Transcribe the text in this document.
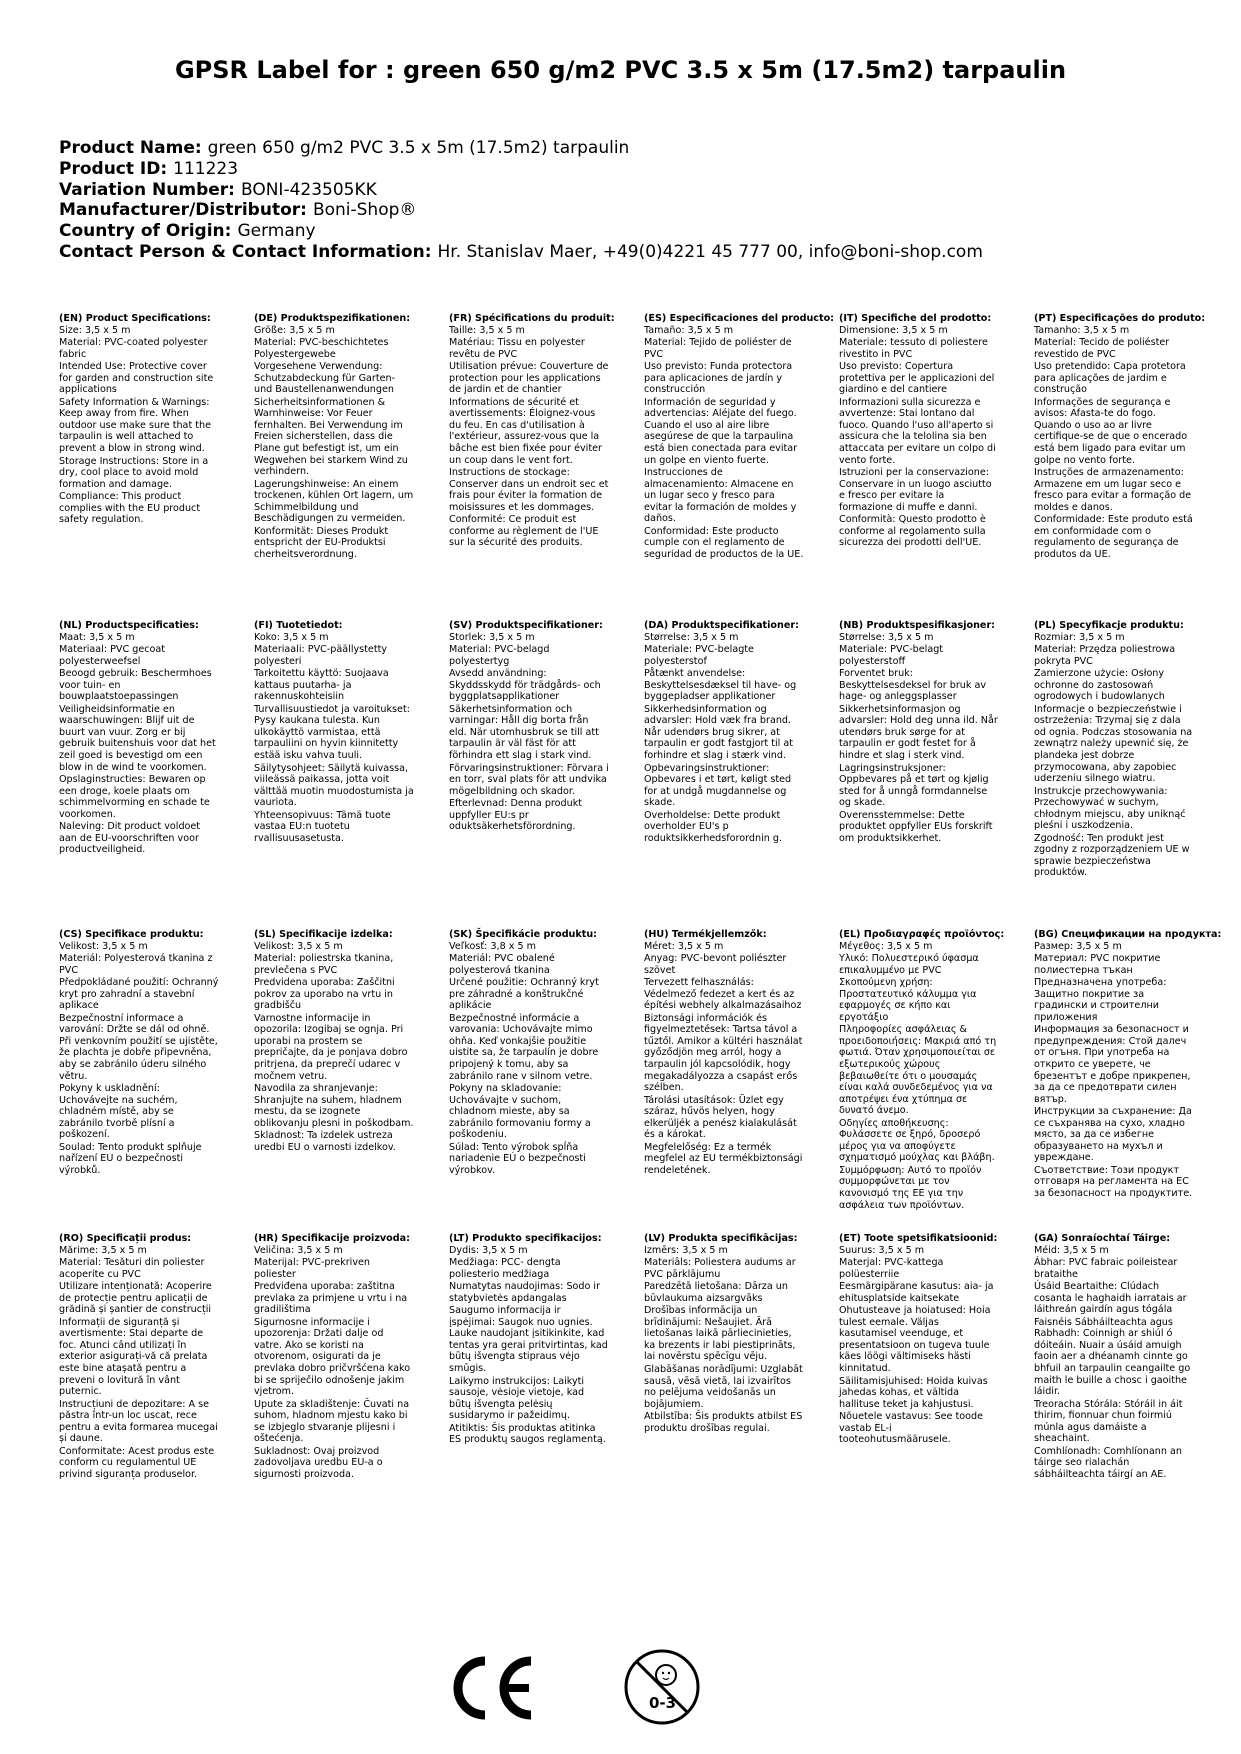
GPSR Label for : green 650 g/m2 PVC 3.5 x 5m (17.5m2) tarpaulin
Product Name: green 650 g/m2 PVC 3.5 x 5m (17.5m2) tarpaulin
Product ID: 111223
Variation Number: BONI-423505KK
Manufacturer/Distributor: Boni-Shop®
Country of Origin: Germany
Contact Person & Contact Information: Hr. Stanislav Maer, +49(0)4221 45 777 00, info@boni-shop.com
(EN) Product Specifications:
Size: 3,5 x 5 m
Material: PVC-coated polyester fabric
Intended Use: Protective cover for garden and construction site applications
Safety Information & Warnings: Keep away from fire. When outdoor use make sure that the tarpaulin is well attached to prevent a blow in strong wind.
Storage Instructions: Store in a dry, cool place to avoid mold formation and damage.
Compliance: This product complies with the EU product safety regulation.
(DE) Produktspezifikationen:
Größe: 3,5 x 5 m
Material: PVC-beschichtetes Polyestergewebe
Vorgesehene Verwendung: Schutzabdeckung für Garten- und Baustellenanwendungen
Sicherheitsinformationen & Warnhinweise: Vor Feuer fernhalten. Bei Verwendung im Freien sicherstellen, dass die Plane gut befestigt ist, um ein Wegwehen bei starkem Wind zu verhindern.
Lagerungshinweise: An einem trockenen, kühlen Ort lagern, um Schimmelbildung und Beschädigungen zu vermeiden.
Konformität: Dieses Produkt entspricht der EU-Produktsi cherheitsverordnung.
(FR) Spécifications du produit:
Taille: 3,5 x 5 m
Matériau: Tissu en polyester revêtu de PVC
Utilisation prévue: Couverture de protection pour les applications de jardin et de chantier
Informations de sécurité et avertissements: Éloignez-vous du feu. En cas d'utilisation à l'extérieur, assurez-vous que la bâche est bien fixée pour éviter un coup dans le vent fort.
Instructions de stockage: Conserver dans un endroit sec et frais pour éviter la formation de moisissures et les dommages.
Conformité: Ce produit est conforme au règlement de l'UE sur la sécurité des produits.
(ES) Especificaciones del producto:
Tamaño: 3,5 x 5 m
Material: Tejido de poliéster de PVC
Uso previsto: Funda protectora para aplicaciones de jardín y construcción
Información de seguridad y advertencias: Aléjate del fuego. Cuando el uso al aire libre asegúrese de que la tarpaulina está bien conectada para evitar un golpe en viento fuerte.
Instrucciones de almacenamiento: Almacene en un lugar seco y fresco para evitar la formación de moldes y daños.
Conformidad: Este producto cumple con el reglamento de seguridad de productos de la UE.
(IT) Specifiche del prodotto:
Dimensione: 3,5 x 5 m
Materiale: tessuto di poliestere rivestito in PVC
Uso previsto: Copertura protettiva per le applicazioni del giardino e del cantiere
Informazioni sulla sicurezza e avvertenze: Stai lontano dal fuoco. Quando l'uso all'aperto si assicura che la telolina sia ben attaccata per evitare un colpo di vento forte.
Istruzioni per la conservazione: Conservare in un luogo asciutto e fresco per evitare la formazione di muffe e danni.
Conformità: Questo prodotto è conforme al regolamento sulla sicurezza dei prodotti dell'UE.
(PT) Especificações do produto:
Tamanho: 3,5 x 5 m
Material: Tecido de poliéster revestido de PVC
Uso pretendido: Capa protetora para aplicações de jardim e construção
Informações de segurança e avisos: Afasta-te do fogo. Quando o uso ao ar livre certifique-se de que o encerado está bem ligado para evitar um golpe no vento forte.
Instruções de armazenamento: Armazene em um lugar seco e fresco para evitar a formação de moldes e danos.
Conformidade: Este produto está em conformidade com o regulamento de segurança de produtos da UE.
(NL) Productspecificaties:
Maat: 3,5 x 5 m
Materiaal: PVC gecoat polyesterweefsel
Beoogd gebruik: Beschermhoes voor tuin- en bouwplaatstoepassingen
Veiligheidsinformatie en waarschuwingen: Blijf uit de buurt van vuur. Zorg er bij gebruik buitenshuis voor dat het zeil goed is bevestigd om een blow in de wind te voorkomen.
Opslaginstructies: Bewaren op een droge, koele plaats om schimmelvorming en schade te voorkomen.
Naleving: Dit product voldoet aan de EU-voorschriften voor productveiligheid.
(FI) Tuotetiedot:
Koko: 3,5 x 5 m
Materiaali: PVC-päällystetty polyesteri
Tarkoitettu käyttö: Suojaava kattaus puutarha- ja rakennuskohteisiin
Turvallisuustiedot ja varoitukset: Pysy kaukana tulesta. Kun ulkokäyttö varmistaa, että tarpauliini on hyvin kiinnitetty estää isku vahva tuuli.
Säilytysohjeet: Säilytä kuivassa, viileässä paikassa, jotta voit välttää muotin muodostumista ja vauriota.
Yhteensopivuus: Tämä tuote vastaa EU:n tuotetu rvallisuusasetusta.
(SV) Produktspecifikationer:
Storlek: 3,5 x 5 m
Material: PVC-belagd polyestertyg
Avsedd användning: Skyddsskydd för trädgårds- och byggplatsapplikationer
Säkerhetsinformation och varningar: Håll dig borta från eld. När utomhusbruk se till att tarpaulin är väl fäst för att förhindra ett slag i stark vind.
Förvaringsinstruktioner: Förvara i en torr, sval plats för att undvika mögelbildning och skador.
Efterlevnad: Denna produkt uppfyller EU:s pr oduktsäkerhetsförordning.
(DA) Produktspecifikationer:
Størrelse: 3,5 x 5 m
Materiale: PVC-belagte polyesterstof
Påtænkt anvendelse: Beskyttelsesdæksel til have- og byggepladser applikationer
Sikkerhedsinformation og advarsler: Hold væk fra brand. Når udendørs brug sikrer, at tarpaulin er godt fastgjort til at forhindre et slag i stærk vind.
Opbevaringsinstruktioner: Opbevares i et tørt, køligt sted for at undgå mugdannelse og skade.
Overholdelse: Dette produkt overholder EU's p roduktsikkerhedsforordnin g.
(NB) Produktspesifikasjoner:
Størrelse: 3,5 x 5 m
Materiale: PVC-belagt polyesterstoff
Forventet bruk: Beskyttelsesdeksel for bruk av hage- og anleggsplasser
Sikkerhetsinformasjon og advarsler: Hold deg unna ild. Når utendørs bruk sørge for at tarpaulin er godt festet for å hindre et slag i sterk vind.
Lagringsinstruksjoner: Oppbevares på et tørt og kjølig sted for å unngå formdannelse og skade.
Overensstemmelse: Dette produktet oppfyller EUs forskrift om produktsikkerhet.
(PL) Specyfikacje produktu:
Rozmiar: 3,5 x 5 m
Materiał: Przędza poliestrowa pokryta PVC
Zamierzone użycie: Osłony ochronne do zastosowań ogrodowych i budowlanych
Informacje o bezpieczeństwie i ostrzeżenia: Trzymaj się z dala od ognia. Podczas stosowania na zewnątrz należy upewnić się, że plandeka jest dobrze przymocowana, aby zapobiec uderzeniu silnego wiatru.
Instrukcje przechowywania: Przechowywać w suchym, chłodnym miejscu, aby uniknąć pleśni i uszkodzenia.
Zgodność: Ten produkt jest zgodny z rozporządzeniem UE w sprawie bezpieczeństwa produktów.
(CS) Specifikace produktu:
Velikost: 3,5 x 5 m
Materiál: Polyesterová tkanina z PVC
Předpokládané použití: Ochranný kryt pro zahradní a stavební aplikace
Bezpečnostní informace a varování: Držte se dál od ohně. Při venkovním použití se ujistěte, že plachta je dobře připevněna, aby se zabránilo úderu silného větru.
Pokyny k uskladnění: Uchovávejte na suchém, chladném místě, aby se zabránilo tvorbě plísní a poškození.
Soulad: Tento produkt splňuje nařízení EU o bezpečnosti výrobků.
(SL) Specifikacije izdelka:
Velikost: 3,5 x 5 m
Material: poliestrska tkanina, prevlečena s PVC
Predvidena uporaba: Zaščitni pokrov za uporabo na vrtu in gradbišču
Varnostne informacije in opozorila: Izogibaj se ognja. Pri uporabi na prostem se prepričajte, da je ponjava dobro pritrjena, da preprečí udarec v močnem vetru.
Navodila za shranjevanje: Shranjujte na suhem, hladnem mestu, da se izognete oblikovanju plesni in poškodbam.
Skladnost: Ta izdelek ustreza uredbi EU o varnosti izdelkov.
(SK) Špecifikácie produktu:
Veľkosť: 3,8 x 5 m
Materiál: PVC obalené polyesterová tkanina
Určené použitie: Ochranný kryt pre záhradné a konštrukčné aplikácie
Bezpečnostné informácie a varovania: Uchovávajte mimo ohňa. Keď vonkajšie použitie uistite sa, že tarpaulín je dobre pripojený k tomu, aby sa zabránilo rane v silnom vetre.
Pokyny na skladovanie: Uchovávajte v suchom, chladnom mieste, aby sa zabránilo formovaniu formy a poškodeniu.
Súlad: Tento výrobok spĺňa nariadenie EÚ o bezpečnosti výrobkov.
(HU) Termékjellemzők:
Méret: 3,5 x 5 m
Anyag: PVC-bevont poliészter szövet
Tervezett felhasználás: Védelmező fedezet a kert és az építési webhely alkalmazásaihoz
Biztonsági információk és figyelmeztetések: Tartsa távol a tűztől. Amikor a kültéri használat győződjön meg arról, hogy a tarpaulin jól kapcsolódik, hogy megakadályozza a csapást erős szélben.
Tárolási utasítások: Üzlet egy száraz, hűvös helyen, hogy elkerüljék a penész kialakulását és a károkat.
Megfelelőség: Ez a termék megfelel az EU termékbiztonsági rendeletének.
(EL) Προδιαγραφές προϊόντος:
Μέγεθος: 3,5 x 5 m
Υλικό: Πολυεστερικό ύφασμα επικαλυμμένο με PVC
Σκοπούμενη χρήση: Προστατευτικό κάλυμμα για εφαρμογές σε κήπο και εργοτάξιο
Πληροφορίες ασφάλειας & προειδοποιήσεις: Μακριά από τη φωτιά. Όταν χρησιμοποιείται σε εξωτερικούς χώρους βεβαιωθείτε ότι ο μουσαμάς είναι καλά συνδεδεμένος για να αποτρέψει ένα χτύπημα σε δυνατό άνεμο.
Οδηγίες αποθήκευσης: Φυλάσσετε σε ξηρό, δροσερό μέρος για να αποφύγετε σχηματισμό μούχλας και βλάβη.
Συμμόρφωση: Αυτό το προϊόν συμμορφώνεται με τον κανονισμό της ΕΕ για την ασφάλεια των προϊόντων.
(BG) Спецификации на продукта:
Размер: 3,5 x 5 m
Материал: PVC покритие полиестерна тъкан
Предназначена употреба: Защитно покритие за градински и строителни приложения
Информация за безопасност и предупреждения: Стой далеч от огъня. При употреба на открито се уверете, че брезентът е добре прикрепен, за да се предотврати силен вятър.
Инструкции за съхранение: Да се съхранява на сухо, хладно място, за да се избегне образуването на мухъл и увреждане.
Съответствие: Този продукт отговаря на регламента на ЕС за безопасност на продуктите.
(RO) Specificații produs:
Mărime: 3,5 x 5 m
Material: Tesături din poliester acoperite cu PVC
Utilizare intenționată: Acoperire de protecție pentru aplicații de grădină și șantier de construcții
Informații de siguranță și avertismente: Stai departe de foc. Atunci când utilizați în exterior asigurați-vă că prelata este bine atașată pentru a preveni o lovitură în vânt puternic.
Instrucțiuni de depozitare: A se păstra într-un loc uscat, rece pentru a evita formarea mucegai și daune.
Conformitate: Acest produs este conform cu regulamentul UE privind siguranța produselor.
(HR) Specifikacije proizvoda:
Veličina: 3,5 x 5 m
Materijal: PVC-prekriven poliester
Predviđena uporaba: zaštitna prevlaka za primjene u vrtu i na gradilištima
Sigurnosne informacije i upozorenja: Držati dalje od vatre. Ako se koristi na otvorenom, osigurati da je prevlaka dobro pričvršćena kako bi se spriječilo odnošenje jakim vjetrom.
Upute za skladištenje: Čuvati na suhom, hladnom mjestu kako bi se izbjeglo stvaranje plijesni i oštećenja.
Sukladnost: Ovaj proizvod zadovoljava uredbu EU-a o sigurnosti proizvoda.
(LT) Produkto specifikacijos:
Dydis: 3,5 x 5 m
Medžiaga: PCC- dengta poliesterio medžiaga
Numatytas naudojimas: Sodo ir statybvietės apdangalas
Saugumo informacija ir įspėjimai: Saugok nuo ugnies. Lauke naudojant įsitikinkite, kad tentas yra gerai pritvirtintas, kad būtų išvengta stiprаus vėjo smūgis.
Laikymo instrukcijos: Laikyti sausoje, vėsioje vietoje, kad būtų išvengta pelėsių susidarymo ir pažeidimų.
Atitiktis: Šis produktas atitinka ES produktų saugos reglamentą.
(LV) Produkta specifikācijas:
Izmērs: 3,5 x 5 m
Materiāls: Poliestera audums ar PVC pārklājumu
Paredzētā lietošana: Dārza un būvlaukuma aizsargvāks
Drošības informācija un brīdinājumi: Nešaujiet. Ārā lietošanas laikā pārliecinieties, ka brezents ir labi piestiprināts, lai novērstu spēcīgu vēju.
Glabāšanas norādījumi: Uzglabāt sausā, vēsā vietā, lai izvairītos no pelējuma veidošanās un bojājumiem.
Atbilstība: Šis produkts atbilst ES produktu drošības regulai.
(ET) Toote spetsifikatsioonid:
Suurus: 3,5 x 5 m
Materjal: PVC-kattega polüesterriie
Eesmärgipärane kasutus: aia- ja ehitusplatside kaitsekate
Ohutusteave ja hoiatused: Hoia tulest eemale. Väljas kasutamisel veenduge, et presentatsioon on tugeva tuule käes löögi vältimiseks hästi kinnitatud.
Säilitamisjuhised: Hoida kuivas jahedas kohas, et vältida hallituse teket ja kahjustusi.
Nõuetele vastavus: See toode vastab EL-i tooteohutusmäärusele.
(GA) Sonraíochtaí Táirge:
Méid: 3,5 x 5 m
Ábhar: PVC fabraic poileistear brataithe
Úsáid Beartaithe: Clúdach cosanta le haghaidh iarratais ar láithreán gairdín agus tógála
Faisnéis Sábháilteachta agus Rabhadh: Coinnigh ar shiúl ó dóiteáin. Nuair a úsáid amuigh faoin aer a dhéanamh cinnte go bhfuil an tarpaulin ceangailte go maith le buille a chosc i gaoithe láidir.
Treoracha Stórála: Stóráil in áit thirim, fionnuar chun foirmiú múnla agus damáiste a sheachaint.
Comhlíonadh: Comhlíonann an táirge seo rialachán sábháilteachta táirgí an AE.
0-3
